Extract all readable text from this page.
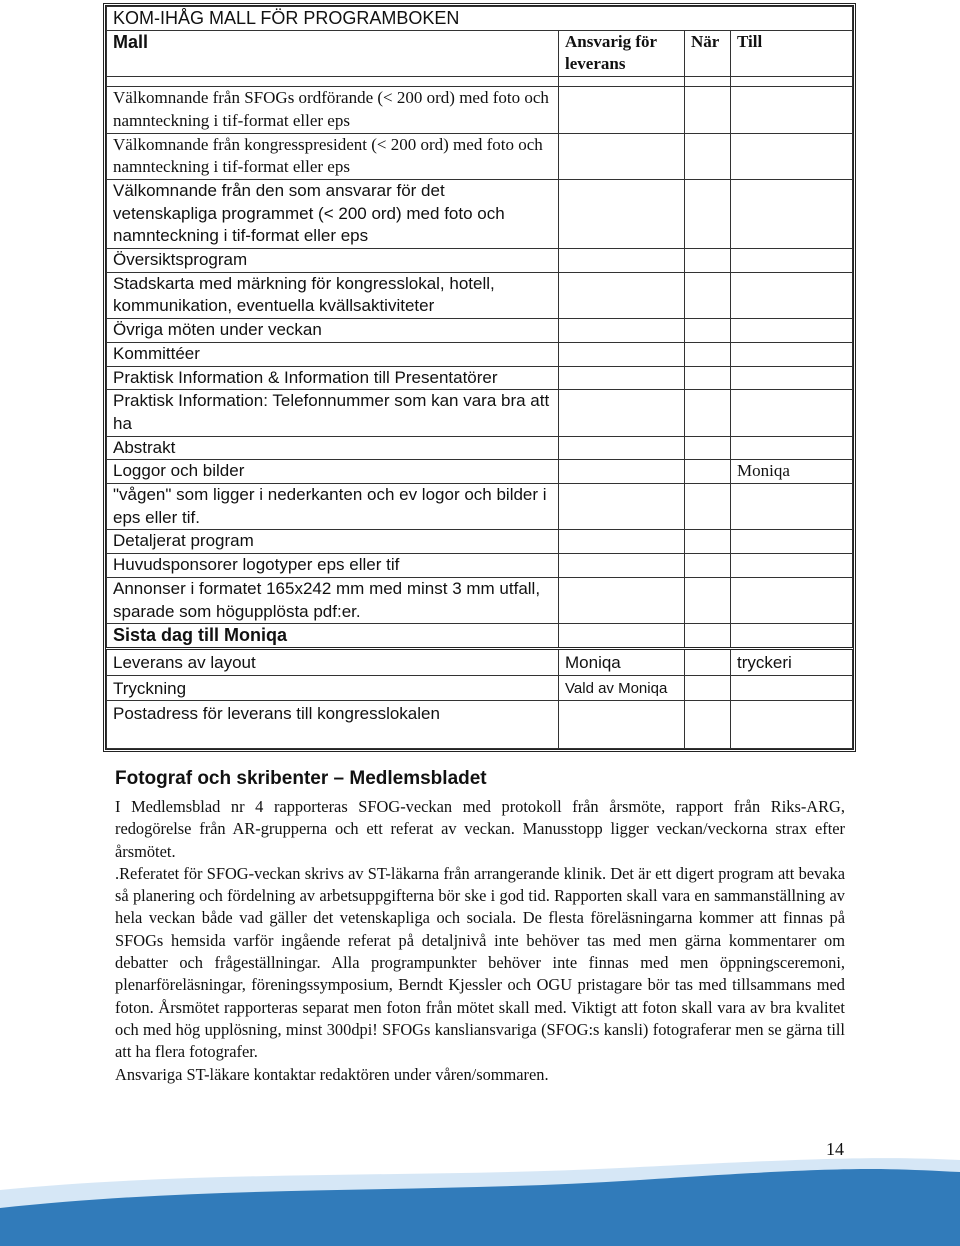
KOM-IHÅG MALL FÖR PROGRAMBOKEN			
Mall	Ansvarig för leverans	När	Till

Välkomnande från SFOGs ordförande (< 200 ord) med foto och namnteckning i tif-format eller eps			
Välkomnande från kongresspresident (< 200 ord) med foto och namnteckning i tif-format eller eps			
Välkomnande från den som ansvarar för det vetenskapliga programmet (< 200 ord) med foto och namnteckning i tif-format eller eps			
Översiktsprogram			
Stadskarta med märkning för kongresslokal, hotell, kommunikation, eventuella kvällsaktiviteter			
Övriga möten under veckan			
Kommittéer			
Praktisk Information & Information till Presentatörer			
Praktisk Information: Telefonnummer som kan vara bra att ha			
Abstrakt			
Loggor och bilder			Moniqa
"vågen" som ligger i nederkanten och ev logor och bilder i eps eller tif.			
Detaljerat program			
Huvudsponsorer logotyper eps eller tif			
Annonser i formatet 165x242 mm med minst 3 mm utfall, sparade som högupplösta pdf:er.			
Sista dag till Moniqa			
Leverans av layout	Moniqa		tryckeri
Tryckning	Vald av Moniqa		
Postadress för leverans till kongresslokalen			
Fotograf och skribenter – Medlemsbladet

I Medlemsblad nr 4 rapporteras SFOG-veckan med protokoll från årsmöte, rapport från Riks-ARG, redogörelse från AR-grupperna och ett referat av veckan. Manusstopp ligger veckan/veckorna strax efter årsmötet.

.Referatet för SFOG-veckan skrivs av ST-läkarna från arrangerande klinik. Det är ett digert program att bevaka så planering och fördelning av arbetsuppgifterna bör ske i god tid. Rapporten skall vara en sammanställning av hela veckan både vad gäller det vetenskapliga och sociala. De flesta föreläsningarna kommer att finnas på SFOGs hemsida varför ingående referat på detaljnivå inte behöver tas med men gärna kommentarer om debatter och frågeställningar. Alla programpunkter behöver inte finnas med men öppningsceremoni, plenarföreläsningar, föreningssymposium, Berndt Kjessler och OGU pristagare bör tas med tillsammans med foton. Årsmötet rapporteras separat men foton från mötet skall med. Viktigt att foton skall vara av bra kvalitet och med hög upplösning, minst 300dpi! SFOGs kansliansvariga (SFOG:s kansli) fotograferar men se gärna till att ha flera fotografer.

Ansvariga ST-läkare kontaktar redaktören under våren/sommaren.

14
